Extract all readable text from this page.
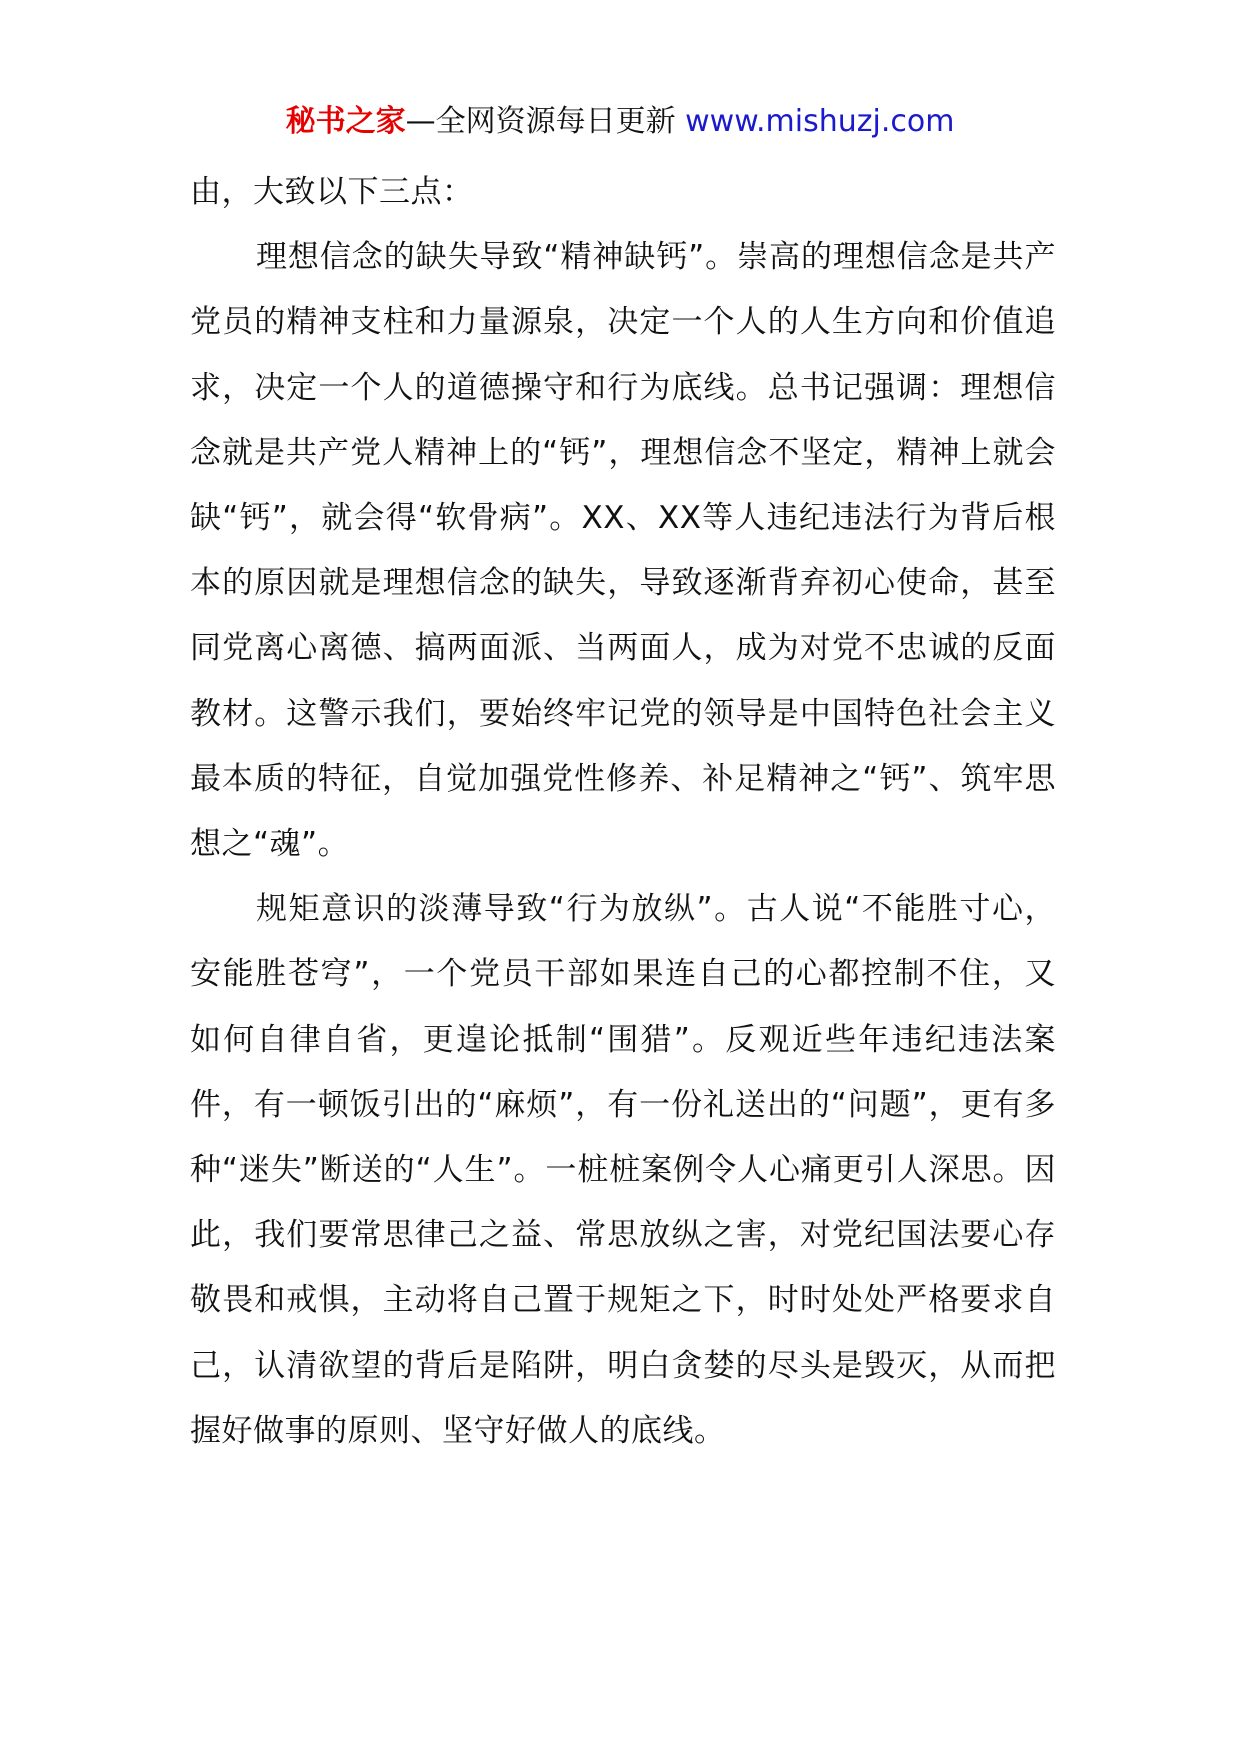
秘书之家—全网资源每日更新 www.mishuzj.com

由，大致以下三点：

理想信念的缺失导致“精神缺钙”。崇高的理想信念是共产党员的精神支柱和力量源泉，决定一个人的人生方向和价值追求，决定一个人的道德操守和行为底线。总书记强调：理想信念就是共产党人精神上的“钙”，理想信念不坚定，精神上就会缺“钙”，就会得“软骨病”。XX、XX等人违纪违法行为背后根本的原因就是理想信念的缺失，导致逐渐背弃初心使命，甚至同党离心离德、搞两面派、当两面人，成为对党不忠诚的反面教材。这警示我们，要始终牢记党的领导是中国特色社会主义最本质的特征，自觉加强党性修养、补足精神之“钙”、筑牢思想之“魂”。

规矩意识的淡薄导致“行为放纵”。古人说“不能胜寸心，安能胜苍穹”，一个党员干部如果连自己的心都控制不住，又如何自律自省，更遑论抵制“围猎”。反观近些年违纪违法案件，有一顿饭引出的“麻烦”，有一份礼送出的“问题”，更有多种“迷失”断送的“人生”。一桩桩案例令人心痛更引人深思。因此，我们要常思律己之益、常思放纵之害，对党纪国法要心存敬畏和戒惧，主动将自己置于规矩之下，时时处处严格要求自己，认清欲望的背后是陷阱，明白贪婪的尽头是毁灭，从而把握好做事的原则、坚守好做人的底线。
